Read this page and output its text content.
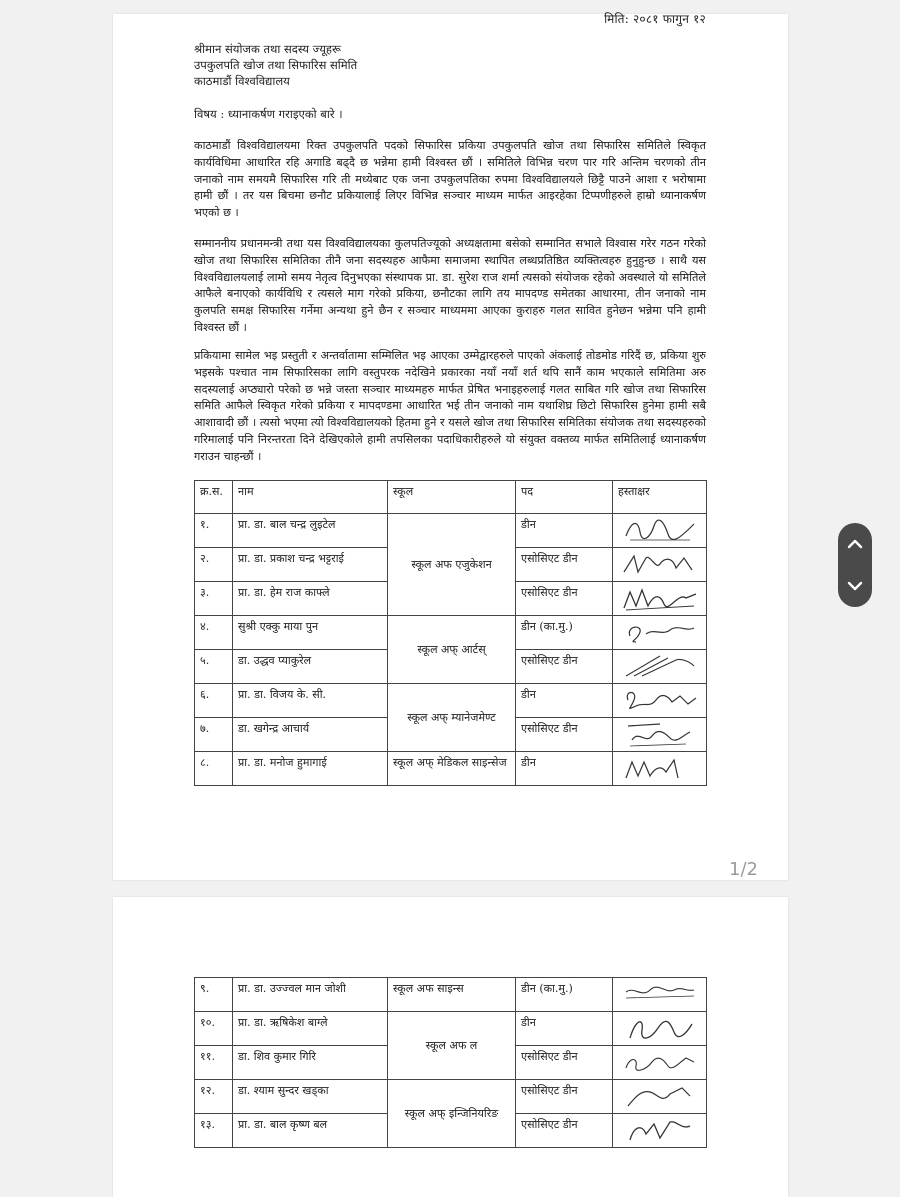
मिति: २०८१ फागुन १२
श्रीमान संयोजक तथा सदस्य ज्यूहरू
उपकुलपति खोज तथा सिफारिस समिति
काठमाडौं विश्वविद्यालय
विषय : ध्यानाकर्षण गराइएको बारे ।
काठमाडौं विश्वविद्यालयमा रिक्त उपकुलपति पदको सिफारिस प्रकिया उपकुलपति खोज तथा सिफारिस समितिले स्विकृत कार्यविधिमा आधारित रहि अगाडि बढ्दै छ भन्नेमा हामी विश्वस्त छौं । समितिले विभिन्न चरण पार गरि अन्तिम चरणको तीन जनाको नाम समयमै सिफारिस गरि ती मध्येबाट एक जना उपकुलपतिका रुपमा विश्वविद्यालयले छिट्टै पाउने आशा र भरोषामा हामी छौं । तर यस बिचमा छनौट प्रकियालाई लिएर विभिन्न सञ्चार माध्यम मार्फत आइरहेका टिप्पणीहरुले हाम्रो ध्यानाकर्षण भएको छ ।
सम्माननीय प्रधानमन्त्री तथा यस विश्वविद्यालयका कुलपतिज्यूको अध्यक्षतामा बसेको सम्मानित सभाले विश्वास गरेर गठन गरेको खोज तथा सिफारिस समितिका तीनै जना सदस्यहरु आफैमा समाजमा स्थापित लब्धप्रतिष्ठित व्यक्तित्वहरु हुनुहुन्छ । साथै यस विश्वविद्यालयलाई लामो समय नेतृत्व दिनुभएका संस्थापक प्रा. डा. सुरेश राज शर्मा त्यसको संयोजक रहेको अवस्थाले यो समितिले आफैले बनाएको कार्यविधि र त्यसले माग गरेको प्रकिया, छनौटका लागि तय मापदण्ड समेतका आधारमा, तीन जनाको नाम कुलपति समक्ष सिफारिस गर्नेमा अन्यथा हुने छैन र सञ्चार माध्यममा आएका कुराहरु गलत सावित हुनेछन भन्नेमा पनि हामी विश्वस्त छौं ।
प्रकियामा सामेल भइ प्रस्तुती र अन्तर्वातामा सम्मिलित भइ आएका उम्मेद्वारहरुले पाएको अंकलाई तोडमोड गरिदैं छ, प्रकिया शुरु भइसके पश्चात नाम सिफारिसका लागि वस्तुपरक नदेखिने प्रकारका नयाँ नयाँ शर्त थपि सानैं काम भएकाले समितिमा अरु सदस्यलाई अप्ठ्यारो परेको छ भन्ने जस्ता सञ्चार माध्यमहरु मार्फत प्रेषित भनाइहरुलाई गलत साबित गरि खोज तथा सिफारिस समिति आफैले स्विकृत गरेको प्रकिया र मापदण्डमा आधारित भई तीन जनाको नाम यथाशिघ्र छिटो सिफारिस हुनेमा हामी सबै आशावादी छौं । त्यसो भएमा त्यो विश्वविद्यालयको हितमा हुने र यसले खोज तथा सिफारिस समितिका संयोजक तथा सदस्यहरुको गरिमालाई पनि निरन्तरता दिने देखिएकोले हामी तपसिलका पदाधिकारीहरुले यो संयुक्त वक्तव्य मार्फत समितिलाई ध्यानाकर्षण गराउन चाहन्छौं ।
क्र.स.	नाम	स्कूल	पद	हस्ताक्षर
१.	प्रा. डा. बाल चन्द्र लुइटेल	स्कूल अफ एजुकेशन	डीन	

२.	प्रा. डा. प्रकाश चन्द्र भट्टराई		एसोसिएट डीन	

३.	प्रा. डा. हेम राज काफ्ले		एसोसिएट डीन	

४.	सुश्री एक्कु माया पुन	स्कूल अफ् आर्टस्	डीन (का.मु.)	

५.	डा. उद्धव प्याकुरेल		एसोसिएट डीन	

६.	प्रा. डा. विजय के. सी.	स्कूल अफ् म्यानेजमेण्ट	डीन	

७.	डा. खगेन्द्र आचार्य		एसोसिएट डीन	

८.	प्रा. डा. मनोज हुमागाई	स्कूल अफ् मेडिकल साइन्सेज	डीन	
1/2
९.	प्रा. डा. उज्ज्वल मान जोशी	स्कूल अफ साइन्स	डीन (का.मु.)	

१०.	प्रा. डा. ऋषिकेश बाग्ले	स्कूल अफ ल	डीन	

११.	डा. शिव कुमार गिरि		एसोसिएट डीन	

१२.	डा. श्याम सुन्दर खड्का	स्कूल अफ् इन्जिनियरिङ	एसोसिएट डीन	

१३.	प्रा. डा. बाल कृष्ण बल		एसोसिएट डीन	
